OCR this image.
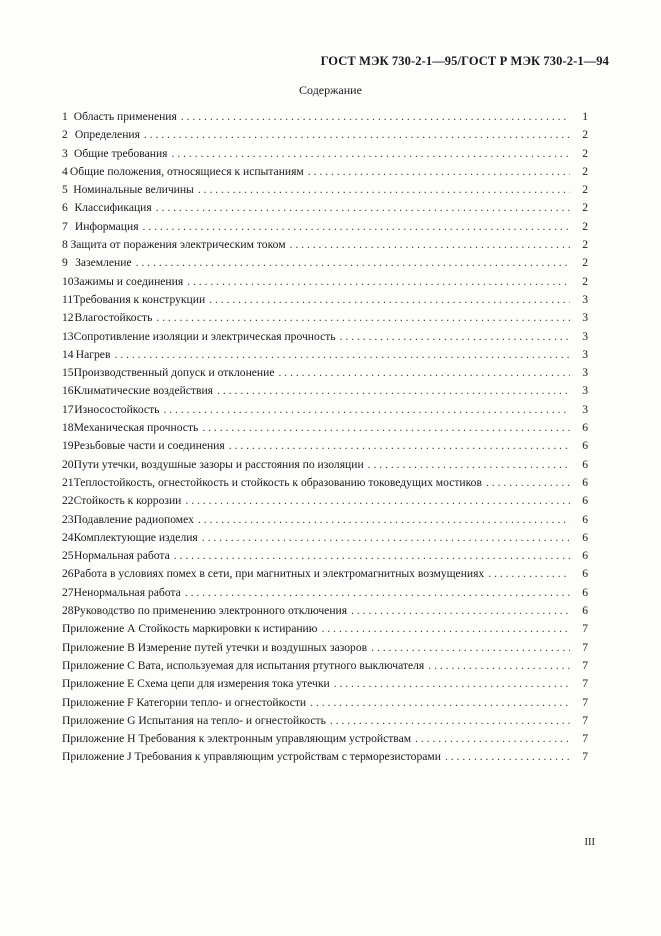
ГОСТ МЭК 730-2-1—95/ГОСТ Р МЭК 730-2-1—94
Содержание
1 Область применения . . .	1
2 Определения . . .	2
3 Общие требования . . .	2
4 Общие положения, относящиеся к испытаниям . . .	2
5 Номинальные величины . . .	2
6 Классификация . . .	2
7 Информация . . .	2
8 Защита от поражения электрическим током . . .	2
9 Заземление . . .	2
10 Зажимы и соединения . . .	2
11 Требования к конструкции . . .	3
12 Влагостойкость . . .	3
13 Сопротивление изоляции и электрическая прочность . . .	3
14 Нагрев . . .	3
15 Производственный допуск и отклонение . . .	3
16 Климатические воздействия . . .	3
17 Износостойкость . . .	3
18 Механическая прочность . . .	6
19 Резьбовые части и соединения . . .	6
20 Пути утечки, воздушные зазоры и расстояния по изоляции . . .	6
21 Теплостойкость, огнестойкость и стойкость к образованию токоведущих мостиков . . .	6
22 Стойкость к коррозии . . .	6
23 Подавление радиопомех . . .	6
24 Комплектующие изделия . . .	6
25 Нормальная работа . . .	6
26 Работа в условиях помех в сети, при магнитных и электромагнитных возмущениях . . .	6
27 Ненормальная работа . . .	6
28 Руководство по применению электронного отключения . . .	6
Приложение А Стойкость маркировки к истиранию . . .	7
Приложение В Измерение путей утечки и воздушных зазоров . . .	7
Приложение С Вата, используемая для испытания ртутного выключателя . . .	7
Приложение Е Схема цепи для измерения тока утечки . . .	7
Приложение F Категории тепло- и огнестойкости . . .	7
Приложение G Испытания на тепло- и огнестойкость . . .	7
Приложение Н Требования к электронным управляющим устройствам . . .	7
Приложение J Требования к управляющим устройствам с терморезисторами . . .	7
III
